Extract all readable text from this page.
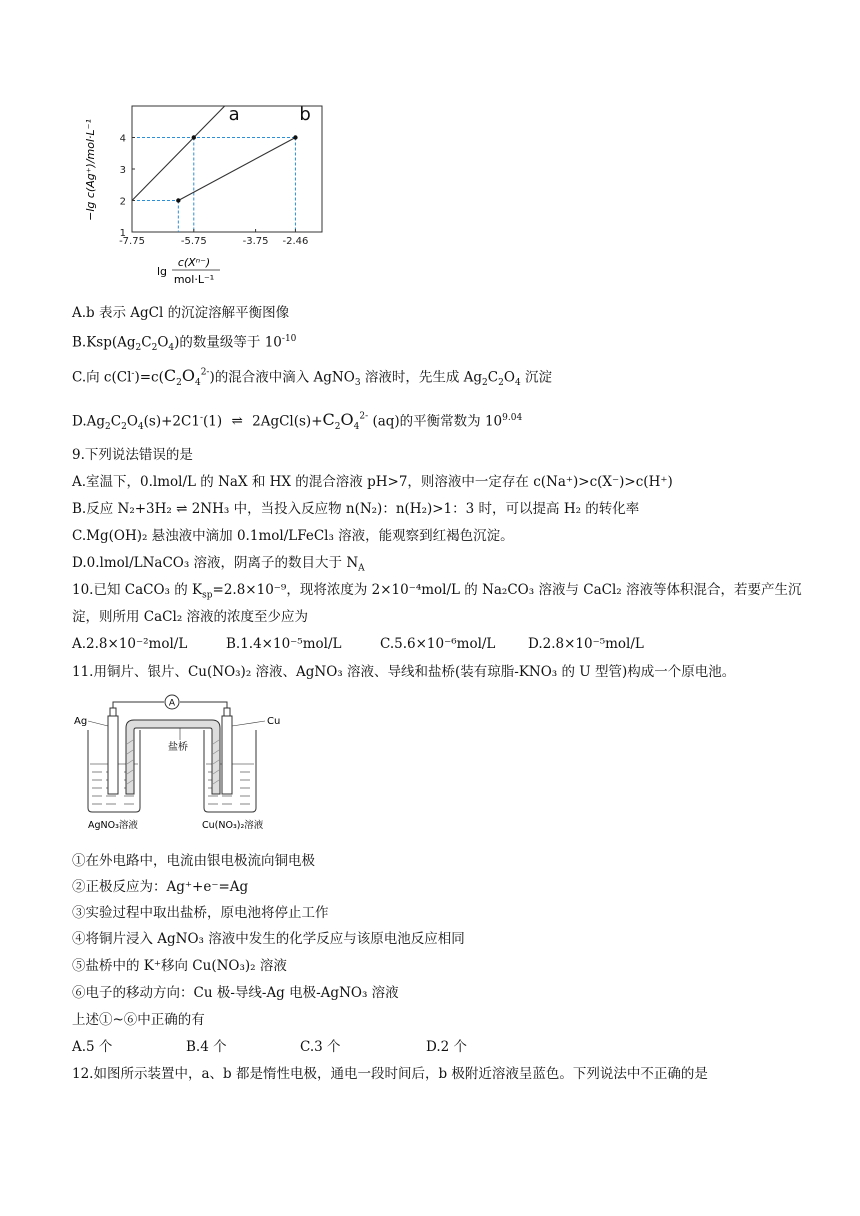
a	b
-7.75	-5.75	-3.75 -2.46
1
2
3
4
−lg c(Ag⁺)/mol·L⁻¹
c(Xⁿ⁻)
mol·L⁻¹
lg
A.b 表示 AgCl 的沉淀溶解平衡图像
$B.Ksp(Ag_2C_2O_4)$的数量级等于 $10^{-10}$
C.向 $c(Cl^-)=c(C_2O_4^{2-})$的混合液中滴入 AgNO$_3$ 溶液时，先生成 $Ag_2C_2O_4$ 沉淀
$D.Ag_2C_2O_4(s)+2C1^-(1)$ ⇌ $2AgCl(s)+C_2O_4^{2-}$ (aq)的平衡常数为 $10^{9.04}$
9.下列说法错误的是
A.室温下，0.lmol/L 的 NaX 和 HX 的混合溶液 pH>7，则溶液中一定存在 c(Na⁺)>c(X⁻)>c(H⁺)
B.反应 N₂+3H₂ ⇌ 2NH₃ 中，当投入反应物 n(N₂)：n(H₂)>1：3 时，可以提高 H₂ 的转化率
C.Mg(OH)₂ 悬浊液中滴加 0.1mol/LFeCl₃ 溶液，能观察到红褐色沉淀。
D.0.lmol/LNaCO₃ 溶液，阴离子的数目大于 $N_A$
10.已知 CaCO₃ 的 $K_{sp}=2.8\times 10^{-9}$，现将浓度为 2×10⁻⁴mol/L 的 Na₂CO₃ 溶液与 CaCl₂ 溶液等体积混合，若要产生沉
淀，则所用 CaCl₂ 溶液的浓度至少应为
A.2.8×10⁻²mol/L	B.1.4×10⁻⁵mol/L	C.5.6×10⁻⁶mol/L D.2.8×10⁻⁵mol/L
11.用铜片、银片、Cu(NO₃)₂ 溶液、AgNO₃ 溶液、导线和盐桥(装有琼脂-KNO₃ 的 U 型管)构成一个原电池。
A
Ag	Cu
盐桥
AgNO₃溶液	Cu(NO₃)₂溶液
①在外电路中，电流由银电极流向铜电极
②正极反应为：Ag⁺+e⁻=Ag
③实验过程中取出盐桥，原电池将停止工作
④将铜片浸入 AgNO₃ 溶液中发生的化学反应与该原电池反应相同
⑤盐桥中的 K⁺移向 Cu(NO₃)₂ 溶液
⑥电子的移动方向：Cu 极-导线-Ag 电极-AgNO₃ 溶液
上述①~⑥中正确的有
A.5 个	B.4 个	C.3 个	D.2 个
12.如图所示装置中，a、b 都是惰性电极，通电一段时间后，b 极附近溶液呈蓝色。下列说法中不正确的是
